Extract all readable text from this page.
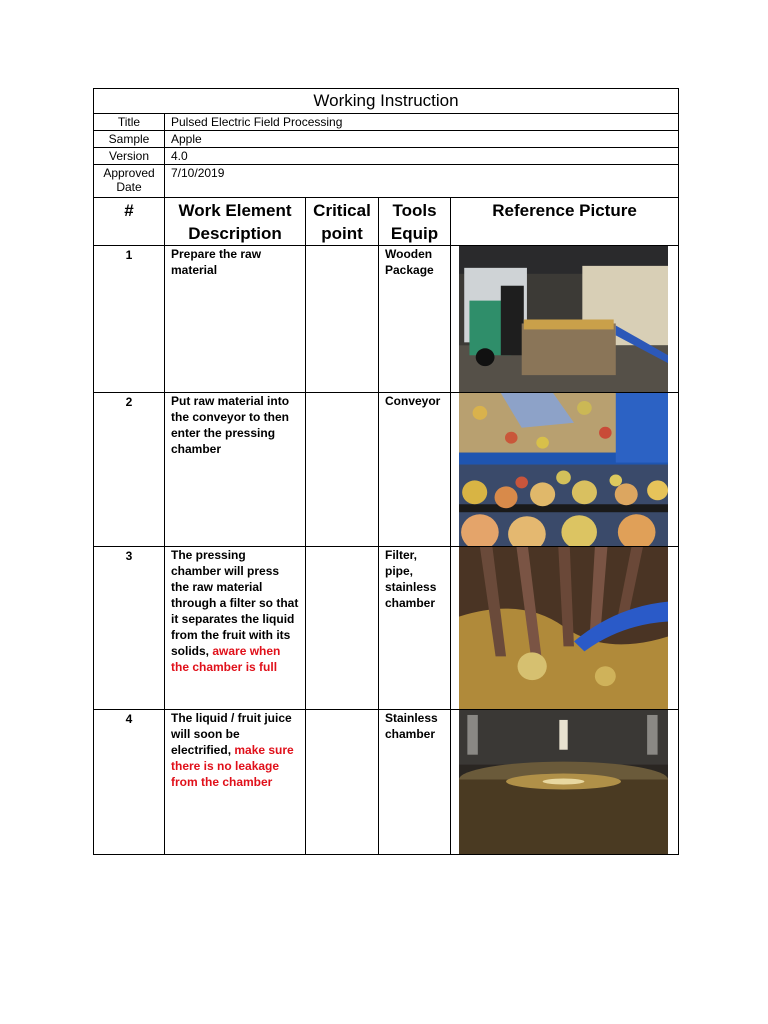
Working Instruction				
Title	Pulsed Electric Field Processing			
Sample	Apple			
Version	4.0			
Approved Date	7/10/2019			
#	Work Element Description	Critical point	Tools Equip	Reference Picture
1	Prepare the raw material		Wooden Package	

2	Put raw material into the conveyor to then enter the pressing chamber		Conveyor	

3	The pressing chamber will press the raw material through a filter so that it separates the liquid from the fruit with its solids, aware when the chamber is full		Filter, pipe, stainless chamber	

4	The liquid / fruit juice will soon be electrified, make sure there is no leakage from the chamber		Stainless chamber	
